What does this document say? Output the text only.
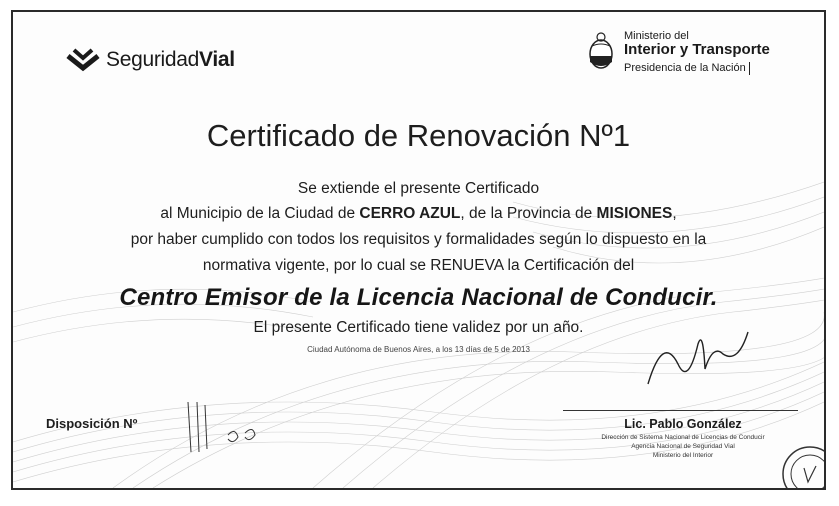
SeguridadVial
Ministerio del
Interior y Transporte
Presidencia de la Nación
Certificado de Renovación Nº1
Se extiende el presente Certificado
al Municipio de la Ciudad de CERRO AZUL, de la Provincia de MISIONES,
por haber cumplido con todos los requisitos y formalidades según lo dispuesto en la
normativa vigente, por lo cual se RENUEVA la Certificación del
Centro Emisor de la Licencia Nacional de Conducir.
El presente Certificado tiene validez por un año.
Ciudad Autónoma de Buenos Aires, a los 13 días de 5 de 2013
Disposición Nº	Lic. Pablo González
Dirección de Sistema Nacional de Licencias de Conducir
Agencia Nacional de Seguridad Vial
Ministerio del Interior
